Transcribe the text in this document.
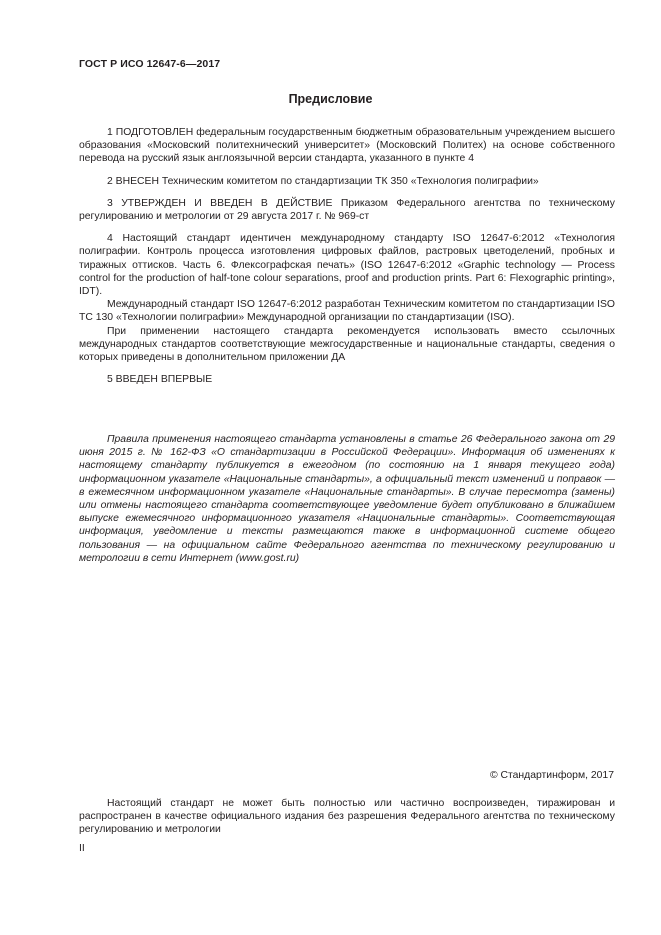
ГОСТ Р ИСО 12647-6—2017
Предисловие

1 ПОДГОТОВЛЕН федеральным государственным бюджетным образовательным учреждением высшего образования «Московский политехнический университет» (Московский Политех) на основе собственного перевода на русский язык англоязычной версии стандарта, указанного в пункте 4

2 ВНЕСЕН Техническим комитетом по стандартизации ТК 350 «Технология полиграфии»

3 УТВЕРЖДЕН И ВВЕДЕН В ДЕЙСТВИЕ Приказом Федерального агентства по техническому регулированию и метрологии от 29 августа 2017 г. № 969-ст

4 Настоящий стандарт идентичен международному стандарту ISO 12647-6:2012 «Технология полиграфии. Контроль процесса изготовления цифровых файлов, растровых цветоделений, пробных и тиражных оттисков. Часть 6. Флексографская печать» (ISO 12647-6:2012 «Graphic technology — Process control for the production of half-tone colour separations, proof and production prints. Part 6: Flexographic printing», IDT).

Международный стандарт ISO 12647-6:2012 разработан Техническим комитетом по стандартизации ISO TC 130 «Технологии полиграфии» Международной организации по стандартизации (ISO).

При применении настоящего стандарта рекомендуется использовать вместо ссылочных международных стандартов соответствующие межгосударственные и национальные стандарты, сведения о которых приведены в дополнительном приложении ДА

5 ВВЕДЕН ВПЕРВЫЕ

Правила применения настоящего стандарта установлены в статье 26 Федерального закона от 29 июня 2015 г. № 162-ФЗ «О стандартизации в Российской Федерации». Информация об изменениях к настоящему стандарту публикуется в ежегодном (по состоянию на 1 января текущего года) информационном указателе «Национальные стандарты», а официальный текст изменений и поправок — в ежемесячном информационном указателе «Национальные стандарты». В случае пересмотра (замены) или отмены настоящего стандарта соответствующее уведомление будет опубликовано в ближайшем выпуске ежемесячного информационного указателя «Национальные стандарты». Соответствующая информация, уведомление и тексты размещаются также в информационной системе общего пользования — на официальном сайте Федерального агентства по техническому регулированию и метрологии в сети Интернет (www.gost.ru)

© Стандартинформ, 2017

Настоящий стандарт не может быть полностью или частично воспроизведен, тиражирован и распространен в качестве официального издания без разрешения Федерального агентства по техническому регулированию и метрологии

II
